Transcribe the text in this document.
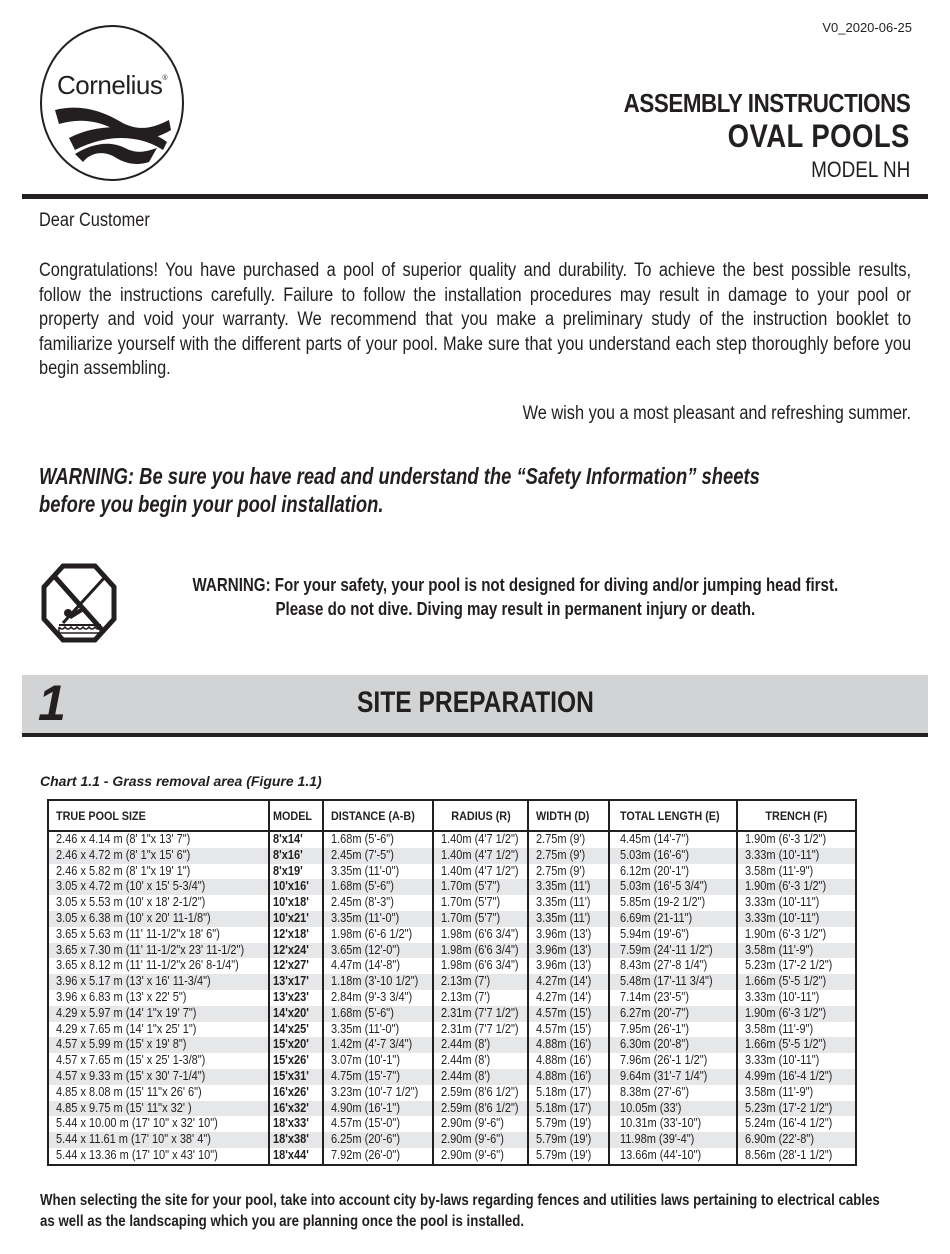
V0_2020-06-25
Cornelius®
ASSEMBLY INSTRUCTIONS
OVAL POOLS
MODEL NH
Dear Customer
Congratulations! You have purchased a pool of superior quality and durability. To achieve the best possible results, follow the instructions carefully. Failure to follow the installation procedures may result in damage to your pool or property and void your warranty. We recommend that you make a preliminary study of the instruction booklet to familiarize yourself with the different parts of your pool. Make sure that you understand each step thoroughly before you begin assembling.
We wish you a most pleasant and refreshing summer.
WARNING: Be sure you have read and understand the “Safety Information” sheets
before you begin your pool installation.
WARNING: For your safety, your pool is not designed for diving and/or jumping head first.
Please do not dive. Diving may result in permanent injury or death.
1	SITE PREPARATION
Chart 1.1 - Grass removal area (Figure 1.1)
TRUE POOL SIZE	MODEL	DISTANCE (A-B)	RADIUS (R)	WIDTH (D)	TOTAL LENGTH (E)	TRENCH (F)
2.46 x 4.14 m (8' 1"x 13' 7")	8'x14'	1.68m (5'-6")	1.40m (4'7 1/2")	2.75m (9')	4.45m (14'-7")	1.90m (6'-3 1/2")
2.46 x 4.72 m (8' 1"x 15' 6")	8'x16'	2.45m (7'-5")	1.40m (4'7 1/2")	2.75m (9')	5.03m (16'-6")	3.33m (10'-11")
2.46 x 5.82 m (8' 1"x 19' 1")	8'x19'	3.35m (11'-0")	1.40m (4'7 1/2")	2.75m (9')	6.12m (20'-1")	3.58m (11'-9")
3.05 x 4.72 m (10' x 15' 5-3/4")	10'x16'	1.68m (5'-6")	1.70m (5'7")	3.35m (11')	5.03m (16'-5 3/4")	1.90m (6'-3 1/2")
3.05 x 5.53 m (10' x 18' 2-1/2")	10'x18'	2.45m (8'-3")	1.70m (5'7")	3.35m (11')	5.85m (19-2 1/2")	3.33m (10'-11")
3.05 x 6.38 m (10' x 20' 11-1/8")	10'x21'	3.35m (11'-0")	1.70m (5'7")	3.35m (11')	6.69m (21-11")	3.33m (10'-11")
3.65 x 5.63 m (11' 11-1/2"x 18' 6")	12'x18'	1.98m (6'-6 1/2")	1.98m (6'6 3/4")	3.96m (13')	5.94m (19'-6")	1.90m (6'-3 1/2")
3.65 x 7.30 m (11' 11-1/2"x 23' 11-1/2")	12'x24'	3.65m (12'-0")	1.98m (6'6 3/4")	3.96m (13')	7.59m (24'-11 1/2")	3.58m (11'-9")
3.65 x 8.12 m (11' 11-1/2"x 26' 8-1/4")	12'x27'	4.47m (14'-8")	1.98m (6'6 3/4")	3.96m (13')	8.43m (27'-8 1/4")	5.23m (17'-2 1/2")
3.96 x 5.17 m (13' x 16' 11-3/4")	13'x17'	1.18m (3'-10 1/2")	2.13m (7')	4.27m (14')	5.48m (17'-11 3/4")	1.66m (5'-5 1/2")
3.96 x 6.83 m (13' x 22' 5")	13'x23'	2.84m (9'-3 3/4")	2.13m (7')	4.27m (14')	7.14m (23'-5")	3.33m (10'-11")
4.29 x 5.97 m (14' 1"x 19' 7")	14'x20'	1.68m (5'-6")	2.31m (7'7 1/2")	4.57m (15')	6.27m (20'-7")	1.90m (6'-3 1/2")
4.29 x 7.65 m (14' 1"x 25' 1")	14'x25'	3.35m (11'-0")	2.31m (7'7 1/2")	4.57m (15')	7.95m (26'-1")	3.58m (11'-9")
4.57 x 5.99 m (15' x 19' 8")	15'x20'	1.42m (4'-7 3/4")	2.44m (8')	4.88m (16')	6.30m (20'-8")	1.66m (5'-5 1/2")
4.57 x 7.65 m (15' x 25' 1-3/8")	15'x26'	3.07m (10'-1")	2.44m (8')	4.88m (16')	7.96m (26'-1 1/2")	3.33m (10'-11")
4.57 x 9.33 m (15' x 30' 7-1/4")	15'x31'	4.75m (15'-7")	2.44m (8')	4.88m (16')	9.64m (31'-7 1/4")	4.99m (16'-4 1/2")
4.85 x 8.08 m (15' 11"x 26' 6")	16'x26'	3.23m (10'-7 1/2")	2.59m (8'6 1/2")	5.18m (17')	8.38m (27'-6")	3.58m (11'-9")
4.85 x 9.75 m (15' 11"x 32' )	16'x32'	4.90m (16'-1")	2.59m (8'6 1/2")	5.18m (17')	10.05m (33')	5.23m (17'-2 1/2")
5.44 x 10.00 m (17' 10" x 32' 10")	18'x33'	4.57m (15'-0")	2.90m (9'-6")	5.79m (19')	10.31m (33'-10")	5.24m (16'-4 1/2")
5.44 x 11.61 m (17' 10" x 38' 4")	18'x38'	6.25m (20'-6")	2.90m (9'-6")	5.79m (19')	11.98m (39'-4")	6.90m (22'-8")
5.44 x 13.36 m (17' 10" x 43' 10")	18'x44'	7.92m (26'-0")	2.90m (9'-6")	5.79m (19')	13.66m (44'-10")	8.56m (28'-1 1/2")
When selecting the site for your pool, take into account city by-laws regarding fences and utilities laws pertaining to electrical cables
as well as the landscaping which you are planning once the pool is installed.
